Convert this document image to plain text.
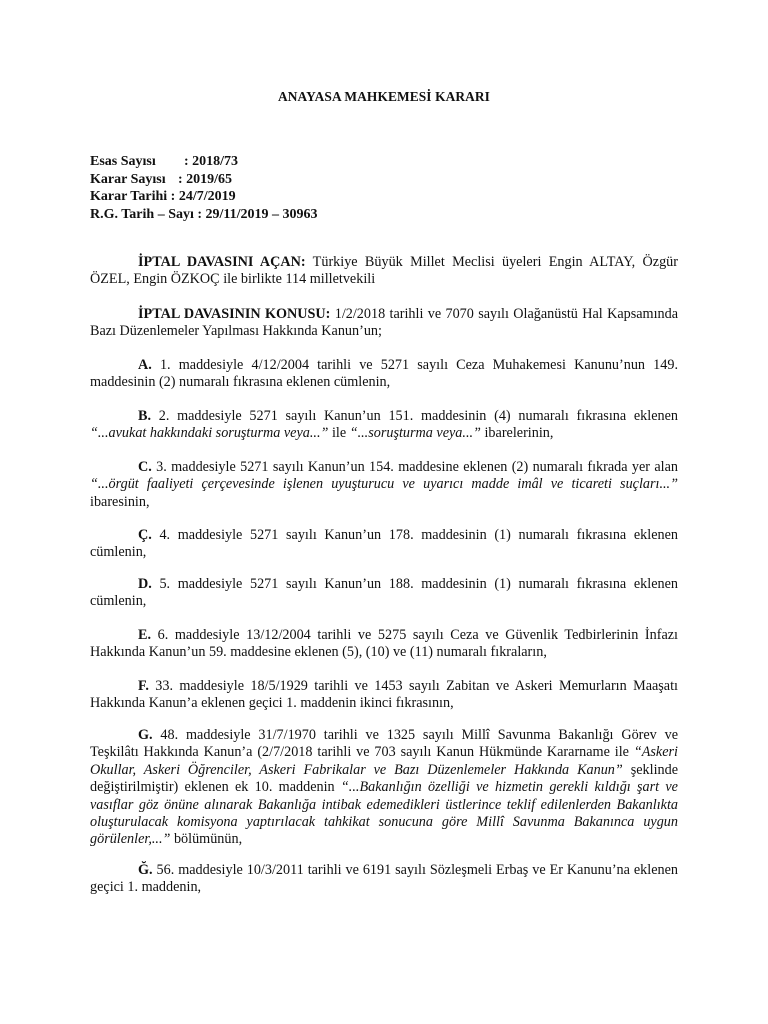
ANAYASA MAHKEMESİ KARARI
Esas Sayısı : 2018/73
Karar Sayısı : 2019/65
Karar Tarihi : 24/7/2019
R.G. Tarih – Sayı : 29/11/2019 – 30963

İPTAL DAVASINI AÇAN: Türkiye Büyük Millet Meclisi üyeleri Engin ALTAY, Özgür ÖZEL, Engin ÖZKOÇ ile birlikte 114 milletvekili

İPTAL DAVASININ KONUSU: 1/2/2018 tarihli ve 7070 sayılı Olağanüstü Hal Kapsamında Bazı Düzenlemeler Yapılması Hakkında Kanun’un;

A. 1. maddesiyle 4/12/2004 tarihli ve 5271 sayılı Ceza Muhakemesi Kanunu’nun 149. maddesinin (2) numaralı fıkrasına eklenen cümlenin,

B. 2. maddesiyle 5271 sayılı Kanun’un 151. maddesinin (4) numaralı fıkrasına eklenen “...avukat hakkındaki soruşturma veya...” ile “...soruşturma veya...” ibarelerinin,

C. 3. maddesiyle 5271 sayılı Kanun’un 154. maddesine eklenen (2) numaralı fıkrada yer alan “...örgüt faaliyeti çerçevesinde işlenen uyuşturucu ve uyarıcı madde imâl ve ticareti suçları...” ibaresinin,

Ç. 4. maddesiyle 5271 sayılı Kanun’un 178. maddesinin (1) numaralı fıkrasına eklenen cümlenin,

D. 5. maddesiyle 5271 sayılı Kanun’un 188. maddesinin (1) numaralı fıkrasına eklenen cümlenin,

E. 6. maddesiyle 13/12/2004 tarihli ve 5275 sayılı Ceza ve Güvenlik Tedbirlerinin İnfazı Hakkında Kanun’un 59. maddesine eklenen (5), (10) ve (11) numaralı fıkraların,

F. 33. maddesiyle 18/5/1929 tarihli ve 1453 sayılı Zabitan ve Askeri Memurların Maaşatı Hakkında Kanun’a eklenen geçici 1. maddenin ikinci fıkrasının,

G. 48. maddesiyle 31/7/1970 tarihli ve 1325 sayılı Millî Savunma Bakanlığı Görev ve Teşkilâtı Hakkında Kanun’a (2/7/2018 tarihli ve 703 sayılı Kanun Hükmünde Kararname ile “Askeri Okullar, Askeri Öğrenciler, Askeri Fabrikalar ve Bazı Düzenlemeler Hakkında Kanun” şeklinde değiştirilmiştir) eklenen ek 10. maddenin “...Bakanlığın özelliği ve hizmetin gerekli kıldığı şart ve vasıflar göz önüne alınarak Bakanlığa intibak edemedikleri üstlerince teklif edilenlerden Bakanlıkta oluşturulacak komisyona yaptırılacak tahkikat sonucuna göre Millî Savunma Bakanınca uygun görülenler,...” bölümünün,

Ğ. 56. maddesiyle 10/3/2011 tarihli ve 6191 sayılı Sözleşmeli Erbaş ve Er Kanunu’na eklenen geçici 1. maddenin,
